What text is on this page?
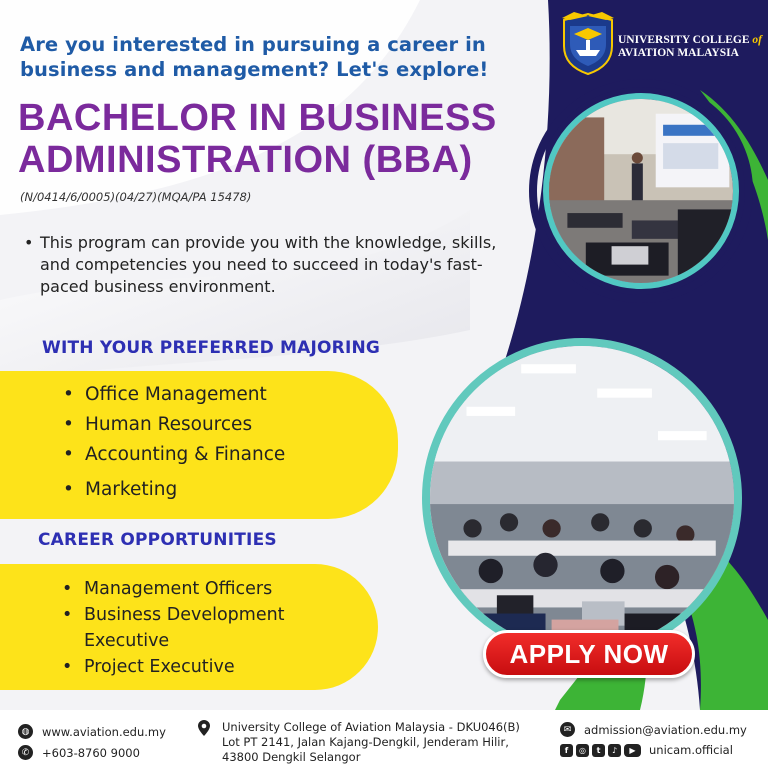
UNIVERSITY COLLEGE of
AVIATION MALAYSIA
Are you interested in pursuing a career in business and management? Let's explore!
BACHELOR IN BUSINESS
ADMINISTRATION (BBA)
(N/0414/6/0005)(04/27)(MQA/PA 15478)
• This program can provide you with the knowledge, skills, and competencies you need to succeed in today's fast-paced business environment.
WITH YOUR PREFERRED MAJORING
• Office Management
• Human Resources
• Accounting & Finance
• Marketing
CAREER OPPORTUNITIES
• Management Officers
• Business Development Executive
• Project Executive	APPLY NOW
◍	www.aviation.edu.my
✆	+603-8760 9000
University College of Aviation Malaysia - DKU046(B)
Lot PT 2141, Jalan Kajang-Dengkil, Jenderam Hilir,
43800 Dengkil Selangor
✉	admission@aviation.edu.my
f	◎	t	♪	▶	unicam.official
